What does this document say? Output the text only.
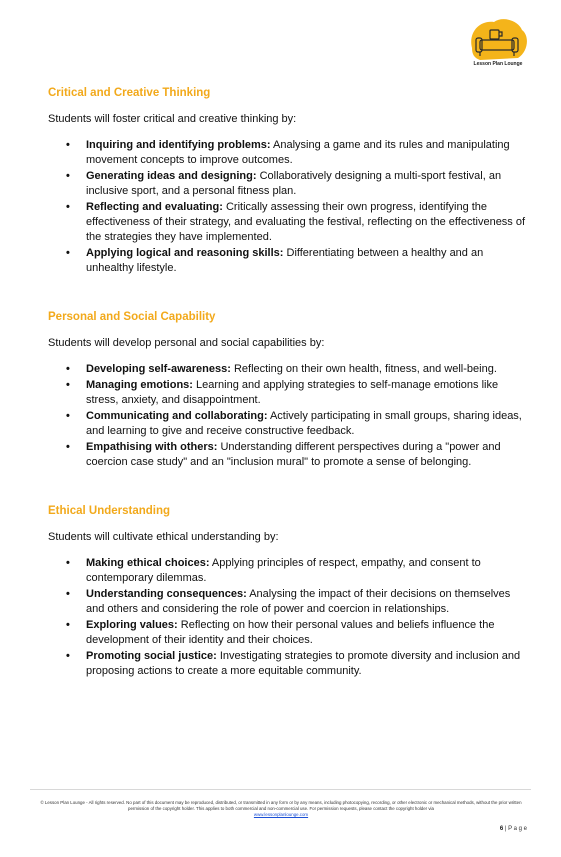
Lesson Plan Lounge
Critical and Creative Thinking
Students will foster critical and creative thinking by:
• Inquiring and identifying problems: Analysing a game and its rules and manipulating movement concepts to improve outcomes.
• Generating ideas and designing: Collaboratively designing a multi-sport festival, an inclusive sport, and a personal fitness plan.
• Reflecting and evaluating: Critically assessing their own progress, identifying the effectiveness of their strategy, and evaluating the festival, reflecting on the effectiveness of the strategies they have implemented.
• Applying logical and reasoning skills: Differentiating between a healthy and an unhealthy lifestyle.
Personal and Social Capability
Students will develop personal and social capabilities by:
• Developing self-awareness: Reflecting on their own health, fitness, and well-being.
• Managing emotions: Learning and applying strategies to self-manage emotions like stress, anxiety, and disappointment.
• Communicating and collaborating: Actively participating in small groups, sharing ideas, and learning to give and receive constructive feedback.
• Empathising with others: Understanding different perspectives during a "power and coercion case study" and an "inclusion mural" to promote a sense of belonging.
Ethical Understanding
Students will cultivate ethical understanding by:
• Making ethical choices: Applying principles of respect, empathy, and consent to contemporary dilemmas.
• Understanding consequences: Analysing the impact of their decisions on themselves and others and considering the role of power and coercion in relationships.
• Exploring values: Reflecting on how their personal values and beliefs influence the development of their identity and their choices.
• Promoting social justice: Investigating strategies to promote diversity and inclusion and proposing actions to create a more equitable community.
© Lesson Plan Lounge - All rights reserved. No part of this document may be reproduced, distributed, or transmitted in any form or by any means, including photocopying, recording, or other electronic or mechanical methods, without the prior written permission of the copyright holder. This applies to both commercial and non-commercial use. For permission requests, please contact the copyright holder via
www.lessonplanlounge.com
6 | P a g e
